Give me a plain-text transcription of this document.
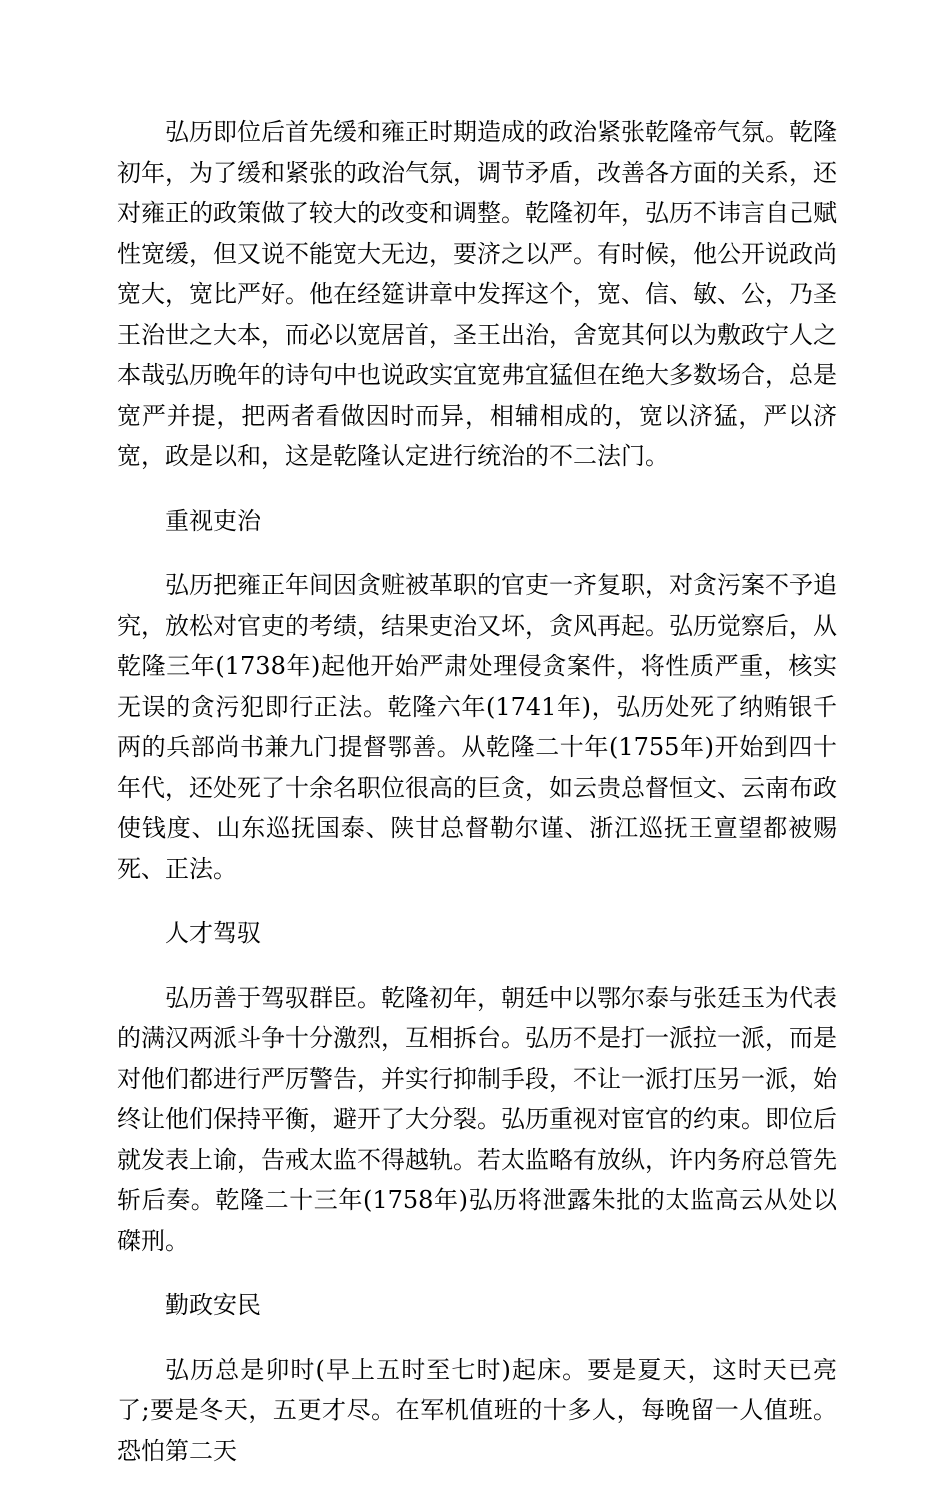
弘历即位后首先缓和雍正时期造成的政治紧张乾隆帝气氛。乾隆初年，为了缓和紧张的政治气氛，调节矛盾，改善各方面的关系，还对雍正的政策做了较大的改变和调整。乾隆初年，弘历不讳言自己赋性宽缓，但又说不能宽大无边，要济之以严。有时候，他公开说政尚宽大，宽比严好。他在经筵讲章中发挥这个，宽、信、敏、公，乃圣王治世之大本，而必以宽居首，圣王出治，舍宽其何以为敷政宁人之本哉弘历晚年的诗句中也说政实宜宽弗宜猛但在绝大多数场合，总是宽严并提，把两者看做因时而异，相辅相成的，宽以济猛，严以济宽，政是以和，这是乾隆认定进行统治的不二法门。

重视吏治

弘历把雍正年间因贪赃被革职的官吏一齐复职，对贪污案不予追究，放松对官吏的考绩，结果吏治又坏，贪风再起。弘历觉察后，从乾隆三年(1738年)起他开始严肃处理侵贪案件，将性质严重，核实无误的贪污犯即行正法。乾隆六年(1741年)，弘历处死了纳贿银千两的兵部尚书兼九门提督鄂善。从乾隆二十年(1755年)开始到四十年代，还处死了十余名职位很高的巨贪，如云贵总督恒文、云南布政使钱度、山东巡抚国泰、陕甘总督勒尔谨、浙江巡抚王亶望都被赐死、正法。

人才驾驭

弘历善于驾驭群臣。乾隆初年，朝廷中以鄂尔泰与张廷玉为代表的满汉两派斗争十分激烈，互相拆台。弘历不是打一派拉一派，而是对他们都进行严厉警告，并实行抑制手段，不让一派打压另一派，始终让他们保持平衡，避开了大分裂。弘历重视对宦官的约束。即位后就发表上谕，告戒太监不得越轨。若太监略有放纵，许内务府总管先斩后奏。乾隆二十三年(1758年)弘历将泄露朱批的太监高云从处以磔刑。

勤政安民

弘历总是卯时(早上五时至七时)起床。要是夏天，这时天已亮了;要是冬天，五更才尽。在军机值班的十多人，每晚留一人值班。恐怕第二天
